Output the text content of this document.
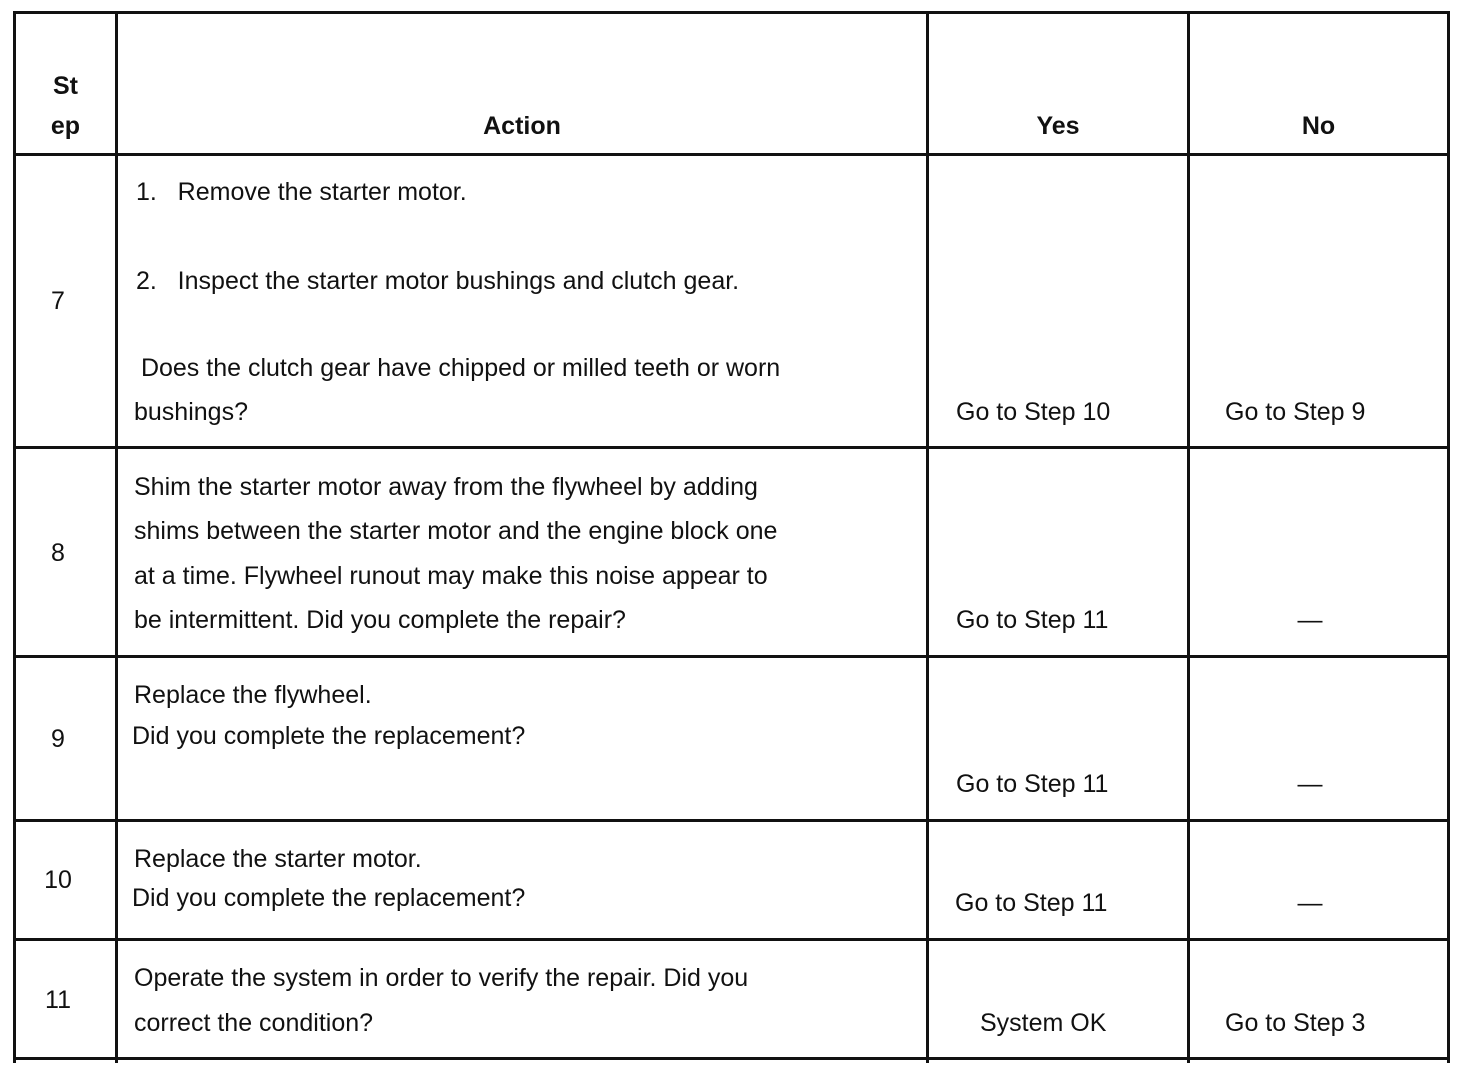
St
ep	Action	Yes	No
7
1.   Remove the starter motor.
2.   Inspect the starter motor bushings and clutch gear.
Does the clutch gear have chipped or milled teeth or worn
bushings?	Go to Step 10	Go to Step 9
8
Shim the starter motor away from the flywheel by adding
shims between the starter motor and the engine block one
at a time. Flywheel runout may make this noise appear to
be intermittent. Did you complete the repair?	Go to Step 11	—
9
Replace the flywheel.
Did you complete the replacement?
Go to Step 11	—
10
Replace the starter motor.
Did you complete the replacement?	Go to Step 11	—
11
Operate the system in order to verify the repair. Did you
correct the condition?	System OK	Go to Step 3
